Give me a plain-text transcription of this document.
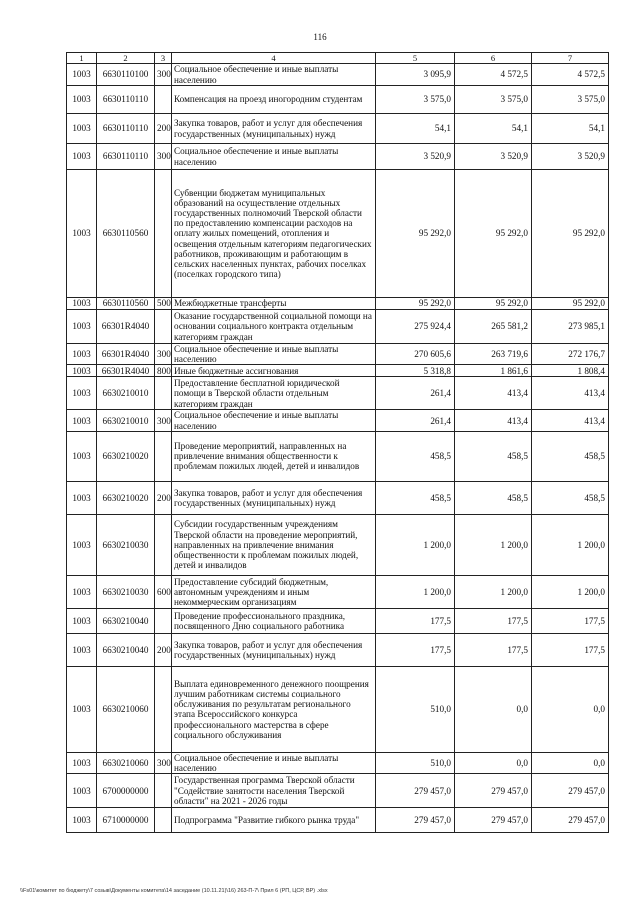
116
1	2	3	4	5	6	7
1003	6630110100	300	Социальное обеспечение и иные выплаты населению	3 095,9	4 572,5	4 572,5
1003	6630110110		Компенсация на проезд иногородним студентам	3 575,0	3 575,0	3 575,0
1003	6630110110	200	Закупка товаров, работ и услуг для обеспечения государственных (муниципальных) нужд	54,1	54,1	54,1
1003	6630110110	300	Социальное обеспечение и иные выплаты населению	3 520,9	3 520,9	3 520,9
1003	6630110560		Субвенции бюджетам муниципальных образований на осуществление отдельных государственных полномочий Тверской области по предоставлению компенсации расходов на оплату жилых помещений, отопления и освещения отдельным категориям педагогических работников, проживающим и работающим в сельских населенных пунктах, рабочих поселках (поселках городского типа)	95 292,0	95 292,0	95 292,0
1003	6630110560	500	Межбюджетные трансферты	95 292,0	95 292,0	95 292,0
1003	66301R4040		Оказание государственной социальной помощи на основании социального контракта отдельным категориям граждан	275 924,4	265 581,2	273 985,1
1003	66301R4040	300	Социальное обеспечение и иные выплаты населению	270 605,6	263 719,6	272 176,7
1003	66301R4040	800	Иные бюджетные ассигнования	5 318,8	1 861,6	1 808,4
1003	6630210010		Предоставление бесплатной юридической помощи в Тверской области отдельным категориям граждан	261,4	413,4	413,4
1003	6630210010	300	Социальное обеспечение и иные выплаты населению	261,4	413,4	413,4
1003	6630210020		Проведение мероприятий, направленных на привлечение внимания общественности к проблемам пожилых людей, детей и инвалидов	458,5	458,5	458,5
1003	6630210020	200	Закупка товаров, работ и услуг для обеспечения государственных (муниципальных) нужд	458,5	458,5	458,5
1003	6630210030		Субсидии государственным учреждениям Тверской области на проведение мероприятий, направленных на привлечение внимания общественности к проблемам пожилых людей, детей и инвалидов	1 200,0	1 200,0	1 200,0
1003	6630210030	600	Предоставление субсидий бюджетным, автономным учреждениям и иным некоммерческим организациям	1 200,0	1 200,0	1 200,0
1003	6630210040		Проведение профессионального праздника, посвященного Дню социального работника	177,5	177,5	177,5
1003	6630210040	200	Закупка товаров, работ и услуг для обеспечения государственных (муниципальных) нужд	177,5	177,5	177,5
1003	6630210060		Выплата единовременного денежного поощрения лучшим работникам системы социального обслуживания по результатам регионального этапа Всероссийского конкурса профессионального мастерства в сфере социального обслуживания	510,0	0,0	0,0
1003	6630210060	300	Социальное обеспечение и иные выплаты населению	510,0	0,0	0,0
1003	6700000000		Государственная программа Тверской области "Содействие занятости населения Тверской области" на 2021 - 2026 годы	279 457,0	279 457,0	279 457,0
1003	6710000000		Подпрограмма "Развитие гибкого рынка труда"	279 457,0	279 457,0	279 457,0
\\Fs01\комитет по бюджету\7 созыв\Документы комитета\14 заседание (10.11.21)\16) 263-П-7\ Прил 6 (РП, ЦСР, ВР) .xlsx
